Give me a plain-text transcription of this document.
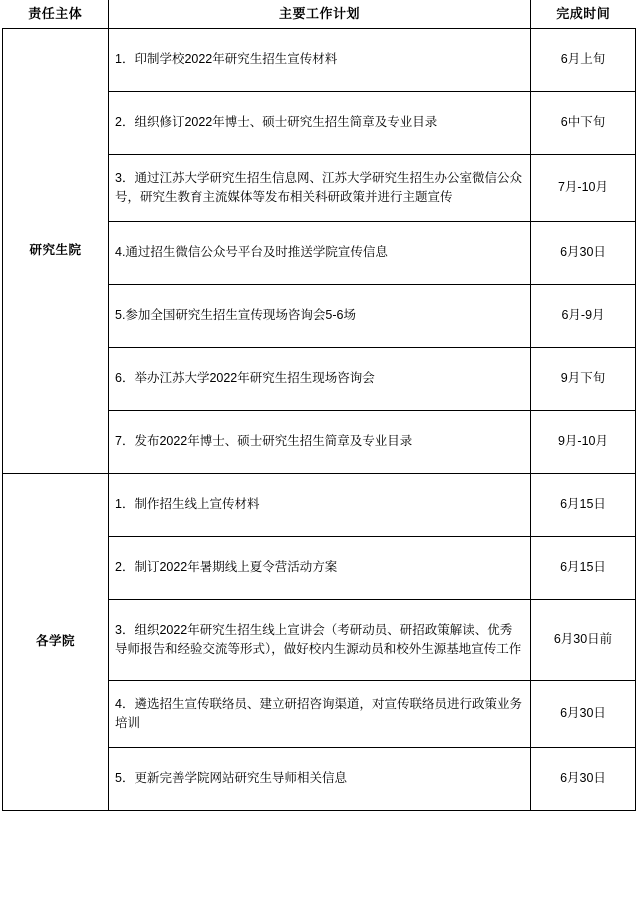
责任主体	主要工作计划	完成时间
研究生院	1．印制学校2022年研究生招生宣传材料	6月上旬

	2．组织修订2022年博士、硕士研究生招生简章及专业目录	6中下旬

	3．通过江苏大学研究生招生信息网、江苏大学研究生招生办公室微信公众号，研究生教育主流媒体等发布相关科研政策并进行主题宣传	7月-10月

	4.通过招生微信公众号平台及时推送学院宣传信息	6月30日

	5.参加全国研究生招生宣传现场咨询会5-6场	6月-9月

	6．举办江苏大学2022年研究生招生现场咨询会	9月下旬

	7．发布2022年博士、硕士研究生招生简章及专业目录	9月-10月
各学院	1．制作招生线上宣传材料	6月15日

	2．制订2022年暑期线上夏令营活动方案	6月15日

	3．组织2022年研究生招生线上宣讲会（考研动员、研招政策解读、优秀导师报告和经验交流等形式），做好校内生源动员和校外生源基地宣传工作	6月30日前

	4．遴选招生宣传联络员、建立研招咨询渠道，对宣传联络员进行政策业务培训	6月30日

	5．更新完善学院网站研究生导师相关信息	6月30日
